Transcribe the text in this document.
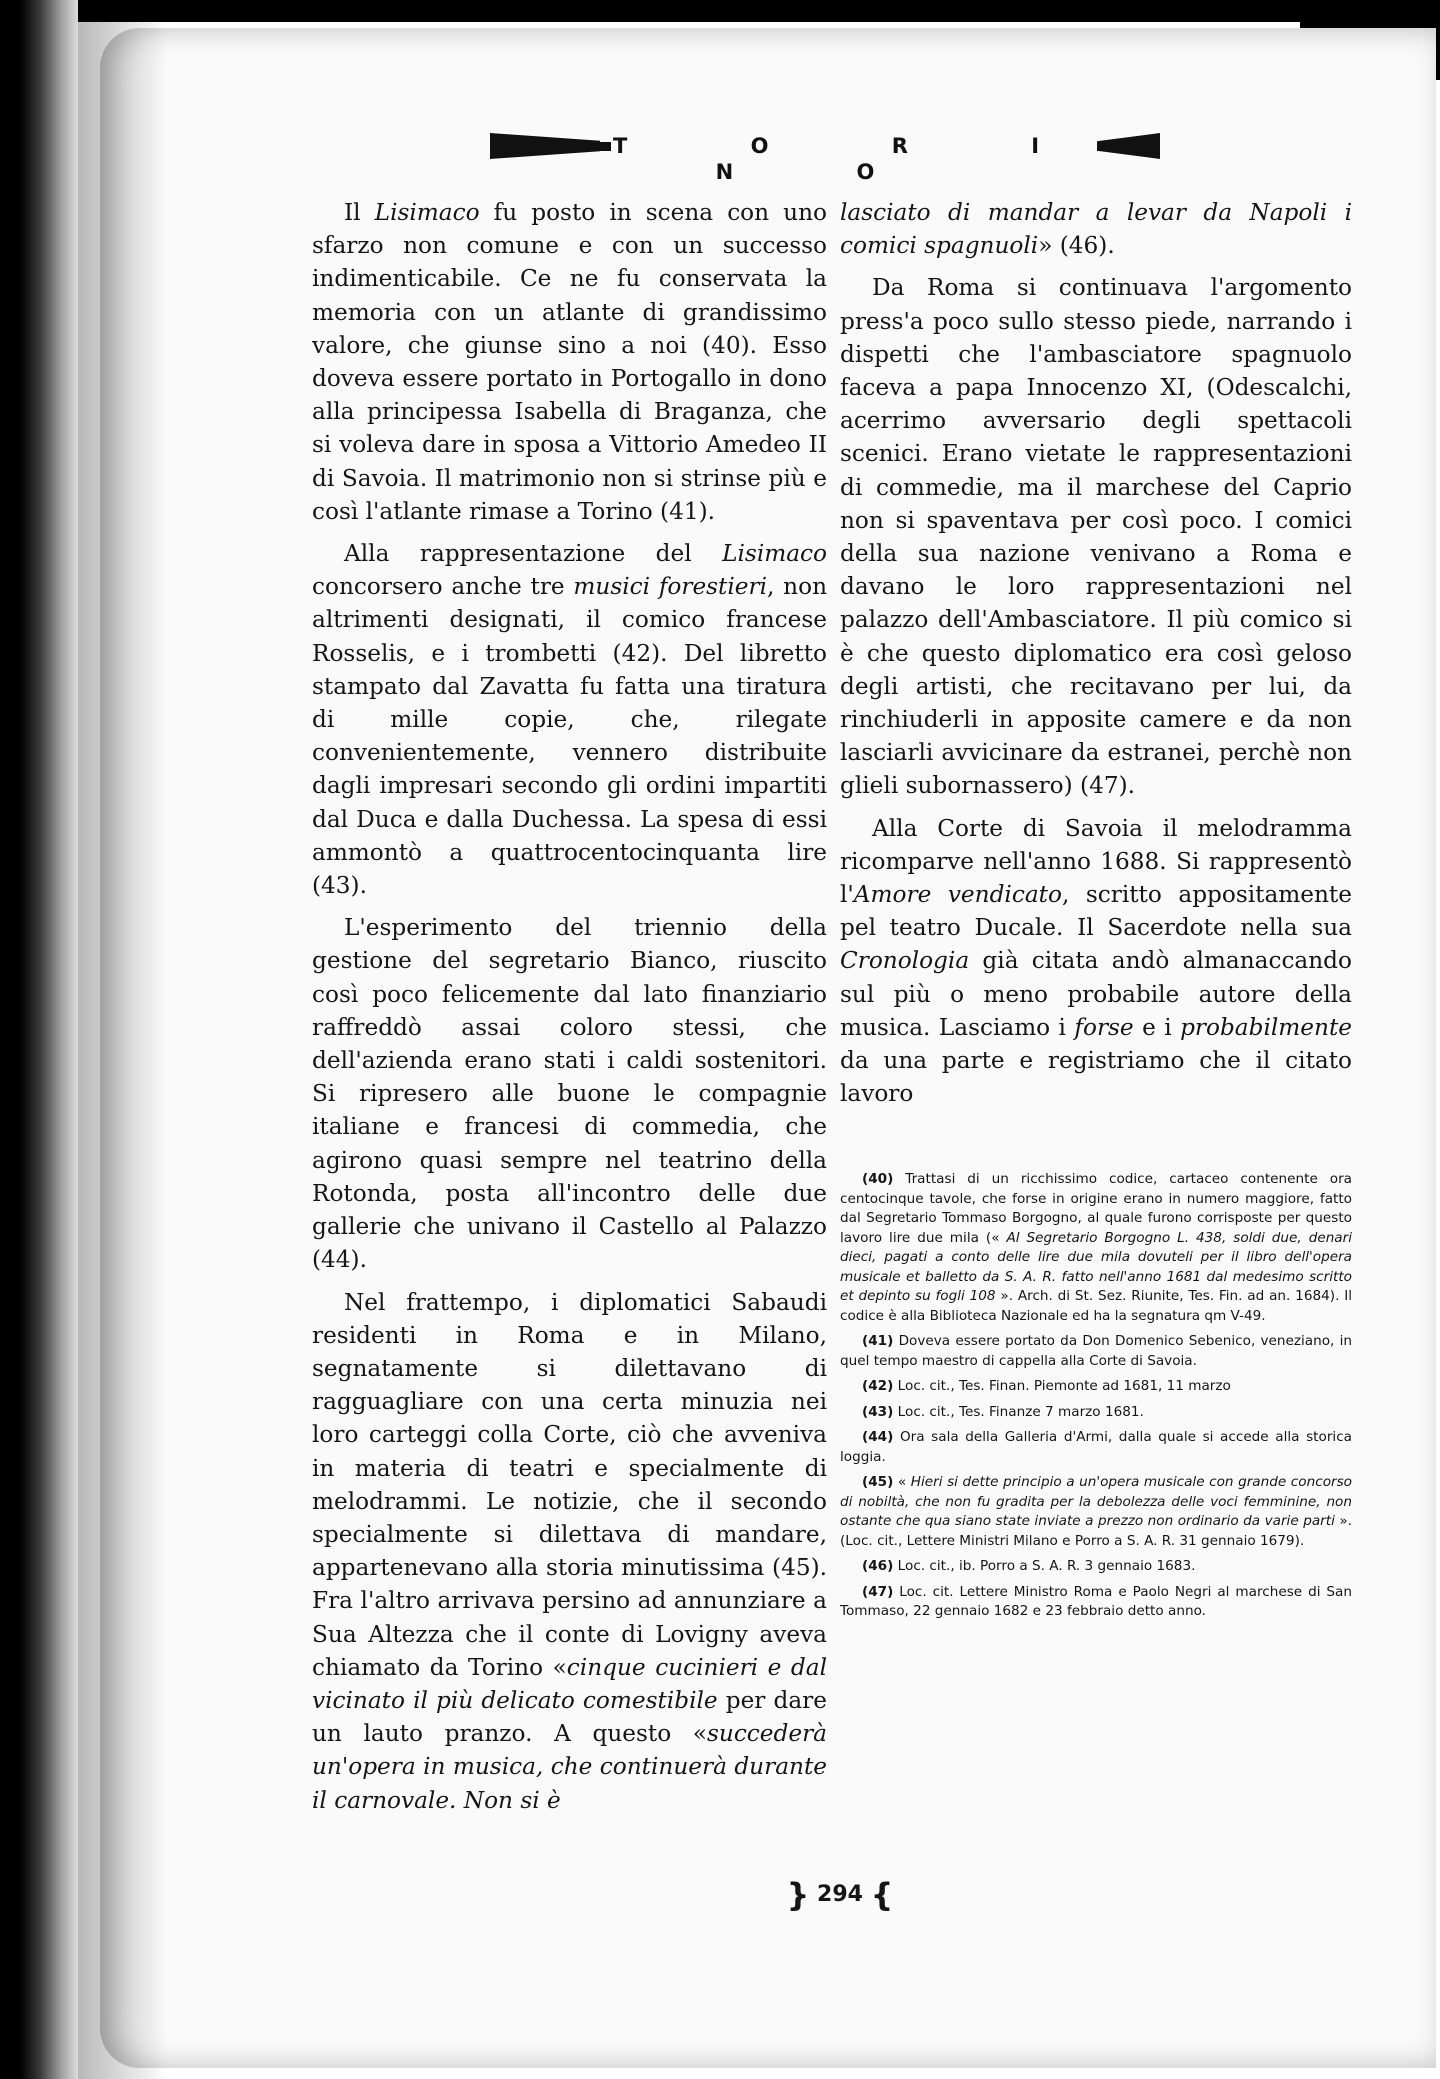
T O R I N O

Il Lisimaco fu posto in scena con uno sfarzo non comune e con un successo indimenticabile. Ce ne fu conservata la memoria con un atlante di grandissimo valore, che giunse sino a noi (40). Esso doveva essere portato in Portogallo in dono alla principessa Isabella di Braganza, che si voleva dare in sposa a Vittorio Amedeo II di Savoia. Il matrimonio non si strinse più e così l'atlante rimase a Torino (41).

Alla rappresentazione del Lisimaco concorsero anche tre musici forestieri, non altrimenti designati, il comico francese Rosselis, e i trombetti (42). Del libretto stampato dal Zavatta fu fatta una tiratura di mille copie, che, rilegate convenientemente, vennero distribuite dagli impresari secondo gli ordini impartiti dal Duca e dalla Duchessa. La spesa di essi ammontò a quattrocentocinquanta lire (43).

L'esperimento del triennio della gestione del segretario Bianco, riuscito così poco felicemente dal lato finanziario raffreddò assai coloro stessi, che dell'azienda erano stati i caldi sostenitori. Si ripresero alle buone le compagnie italiane e francesi di commedia, che agirono quasi sempre nel teatrino della Rotonda, posta all'incontro delle due gallerie che univano il Castello al Palazzo (44).

Nel frattempo, i diplomatici Sabaudi residenti in Roma e in Milano, segnatamente si dilettavano di ragguagliare con una certa minuzia nei loro carteggi colla Corte, ciò che avveniva in materia di teatri e specialmente di melodrammi. Le notizie, che il secondo specialmente si dilettava di mandare, appartenevano alla storia minutissima (45). Fra l'altro arrivava persino ad annunziare a Sua Altezza che il conte di Lovigny aveva chiamato da Torino «cinque cucinieri e dal vicinato il più delicato comestibile per dare un lauto pranzo. A questo «succederà un'opera in musica, che continuerà durante il carnovale. Non si è

lasciato di mandar a levar da Napoli i comici spagnuoli» (46).

Da Roma si continuava l'argomento press'a poco sullo stesso piede, narrando i dispetti che l'ambasciatore spagnuolo faceva a papa Innocenzo XI, (Odescalchi, acerrimo avversario degli spettacoli scenici. Erano vietate le rappresentazioni di commedie, ma il marchese del Caprio non si spaventava per così poco. I comici della sua nazione venivano a Roma e davano le loro rappresentazioni nel palazzo dell'Ambasciatore. Il più comico si è che questo diplomatico era così geloso degli artisti, che recitavano per lui, da rinchiuderli in apposite camere e da non lasciarli avvicinare da estranei, perchè non glieli subornassero) (47).

Alla Corte di Savoia il melodramma ricomparve nell'anno 1688. Si rappresentò l'Amore vendicato, scritto appositamente pel teatro Ducale. Il Sacerdote nella sua Cronologia già citata andò almanaccando sul più o meno probabile autore della musica. Lasciamo i forse e i probabilmente da una parte e registriamo che il citato lavoro

(40) Trattasi di un ricchissimo codice, cartaceo contenente ora centocinque tavole, che forse in origine erano in numero maggiore, fatto dal Segretario Tommaso Borgogno, al quale furono corrisposte per questo lavoro lire due mila (« Al Segretario Borgogno L. 438, soldi due, denari dieci, pagati a conto delle lire due mila dovuteli per il libro dell'opera musicale et balletto da S. A. R. fatto nell'anno 1681 dal medesimo scritto et depinto su fogli 108 ». Arch. di St. Sez. Riunite, Tes. Fin. ad an. 1684). Il codice è alla Biblioteca Nazionale ed ha la segnatura qm V-49.

(41) Doveva essere portato da Don Domenico Sebenico, veneziano, in quel tempo maestro di cappella alla Corte di Savoia.

(42) Loc. cit., Tes. Finan. Piemonte ad 1681, 11 marzo

(43) Loc. cit., Tes. Finanze 7 marzo 1681.

(44) Ora sala della Galleria d'Armi, dalla quale si accede alla storica loggia.

(45) « Hieri si dette principio a un'opera musicale con grande concorso di nobiltà, che non fu gradita per la debolezza delle voci femminine, non ostante che qua siano state inviate a prezzo non ordinario da varie parti ». (Loc. cit., Lettere Ministri Milano e Porro a S. A. R. 31 gennaio 1679).

(46) Loc. cit., ib. Porro a S. A. R. 3 gennaio 1683.

(47) Loc. cit. Lettere Ministro Roma e Paolo Negri al marchese di San Tommaso, 22 gennaio 1682 e 23 febbraio detto anno.

} 294 {
